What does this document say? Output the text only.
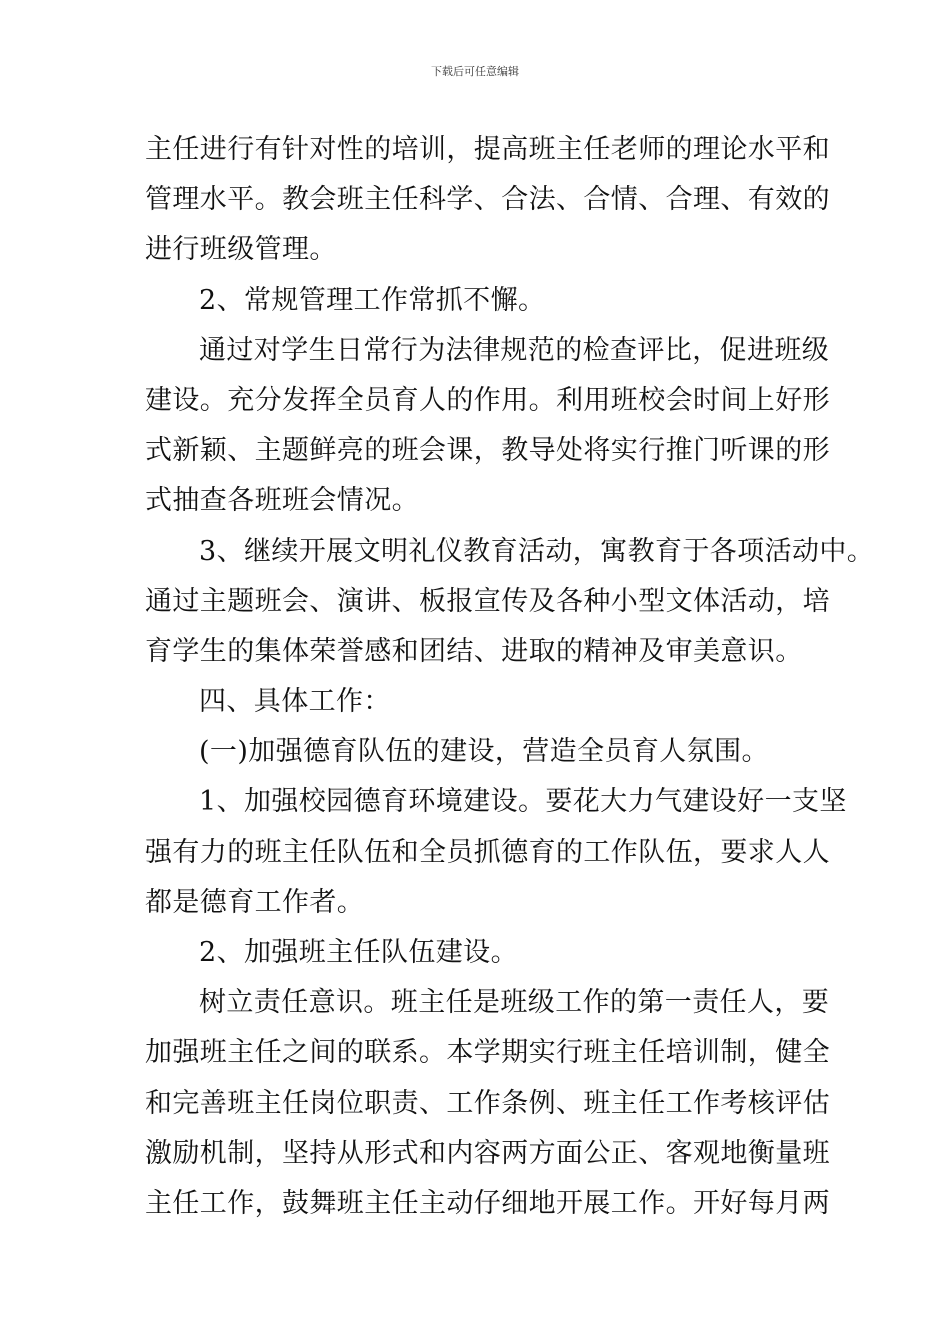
下载后可任意编辑
主任进行有针对性的培训，提高班主任老师的理论水平和
管理水平。教会班主任科学、合法、合情、合理、有效的
进行班级管理。
2、常规管理工作常抓不懈。
通过对学生日常行为法律规范的检查评比，促进班级
建设。充分发挥全员育人的作用。利用班校会时间上好形
式新颖、主题鲜亮的班会课，教导处将实行推门听课的形
式抽查各班班会情况。
3、继续开展文明礼仪教育活动，寓教育于各项活动中。
通过主题班会、演讲、板报宣传及各种小型文体活动，培
育学生的集体荣誉感和团结、进取的精神及审美意识。
四、具体工作：
(一)加强德育队伍的建设，营造全员育人氛围。
1、加强校园德育环境建设。要花大力气建设好一支坚
强有力的班主任队伍和全员抓德育的工作队伍，要求人人
都是德育工作者。
2、加强班主任队伍建设。
树立责任意识。班主任是班级工作的第一责任人，要
加强班主任之间的联系。本学期实行班主任培训制，健全
和完善班主任岗位职责、工作条例、班主任工作考核评估
激励机制，坚持从形式和内容两方面公正、客观地衡量班
主任工作，鼓舞班主任主动仔细地开展工作。开好每月两
